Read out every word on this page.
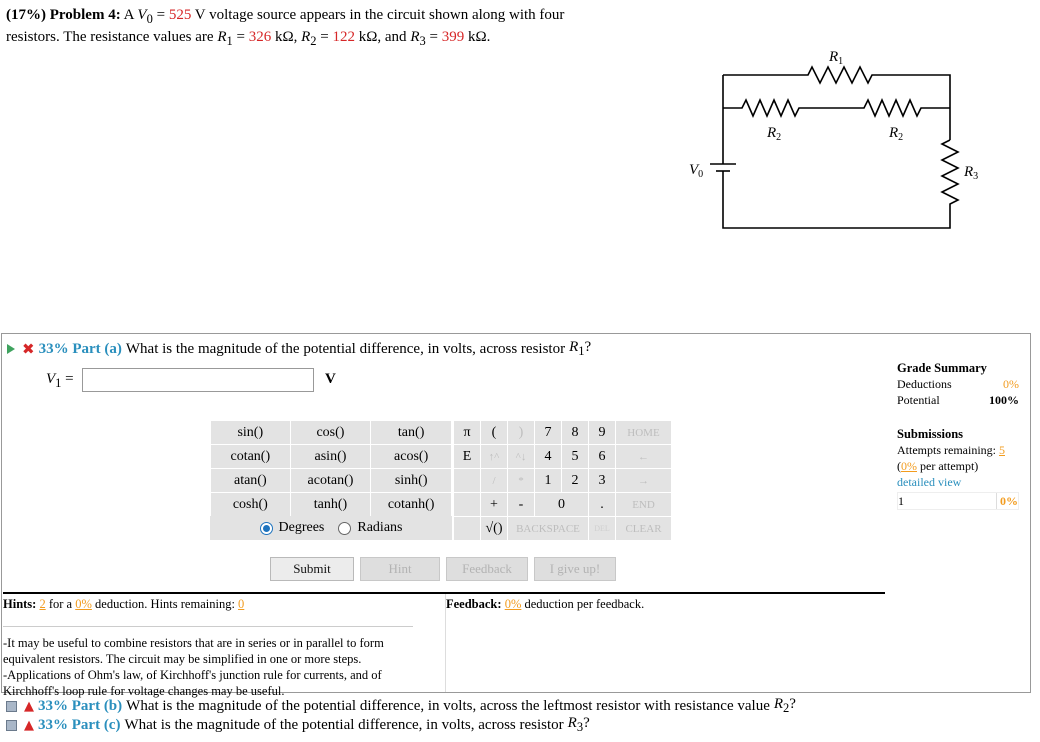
(17%) Problem 4: A $V_0 = 525$ V voltage source appears in the circuit shown along with four
resistors. The resistance values are $R_1 = 326$ kΩ, $R_2 = 122$ kΩ, and $R_3 = 399$ kΩ.
$R_1$
$R_2$	$R_2$
$R_3$
$V_0$
✖ 33% Part (a) What is the magnitude of the potential difference, in volts, across resistor $R_1$?
$V_1$ =	V
sin()	cos()	tan()
cotan()	asin()	acos()
atan()	acotan()	sinh()
cosh()	tanh()	cotanh()
Degrees Radians
π	(	)	7	8	9	HOME
E	↑^	^↓	4	5	6	←
	/	*	1	2	3	→
	+	-	0		.	END
	√()	BACKSPACE			DEL	CLEAR
Submit	Hint	Feedback	I give up!
Grade Summary
Deductions	0%
Potential	100%
Submissions
Attempts remaining: 5
(0% per attempt)
detailed view
1	0%
Hints: 2 for a 0% deduction. Hints remaining: 0
-It may be useful to combine resistors that are in series or in parallel to form equivalent resistors. The circuit may be simplified in one or more steps.
-Applications of Ohm's law, of Kirchhoff's junction rule for currents, and of Kirchhoff's loop rule for voltage changes may be useful.
Feedback: 0% deduction per feedback.
▲ 33% Part (b) What is the magnitude of the potential difference, in volts, across the leftmost resistor with resistance value $R_2$?
▲ 33% Part (c) What is the magnitude of the potential difference, in volts, across resistor $R_3$?
